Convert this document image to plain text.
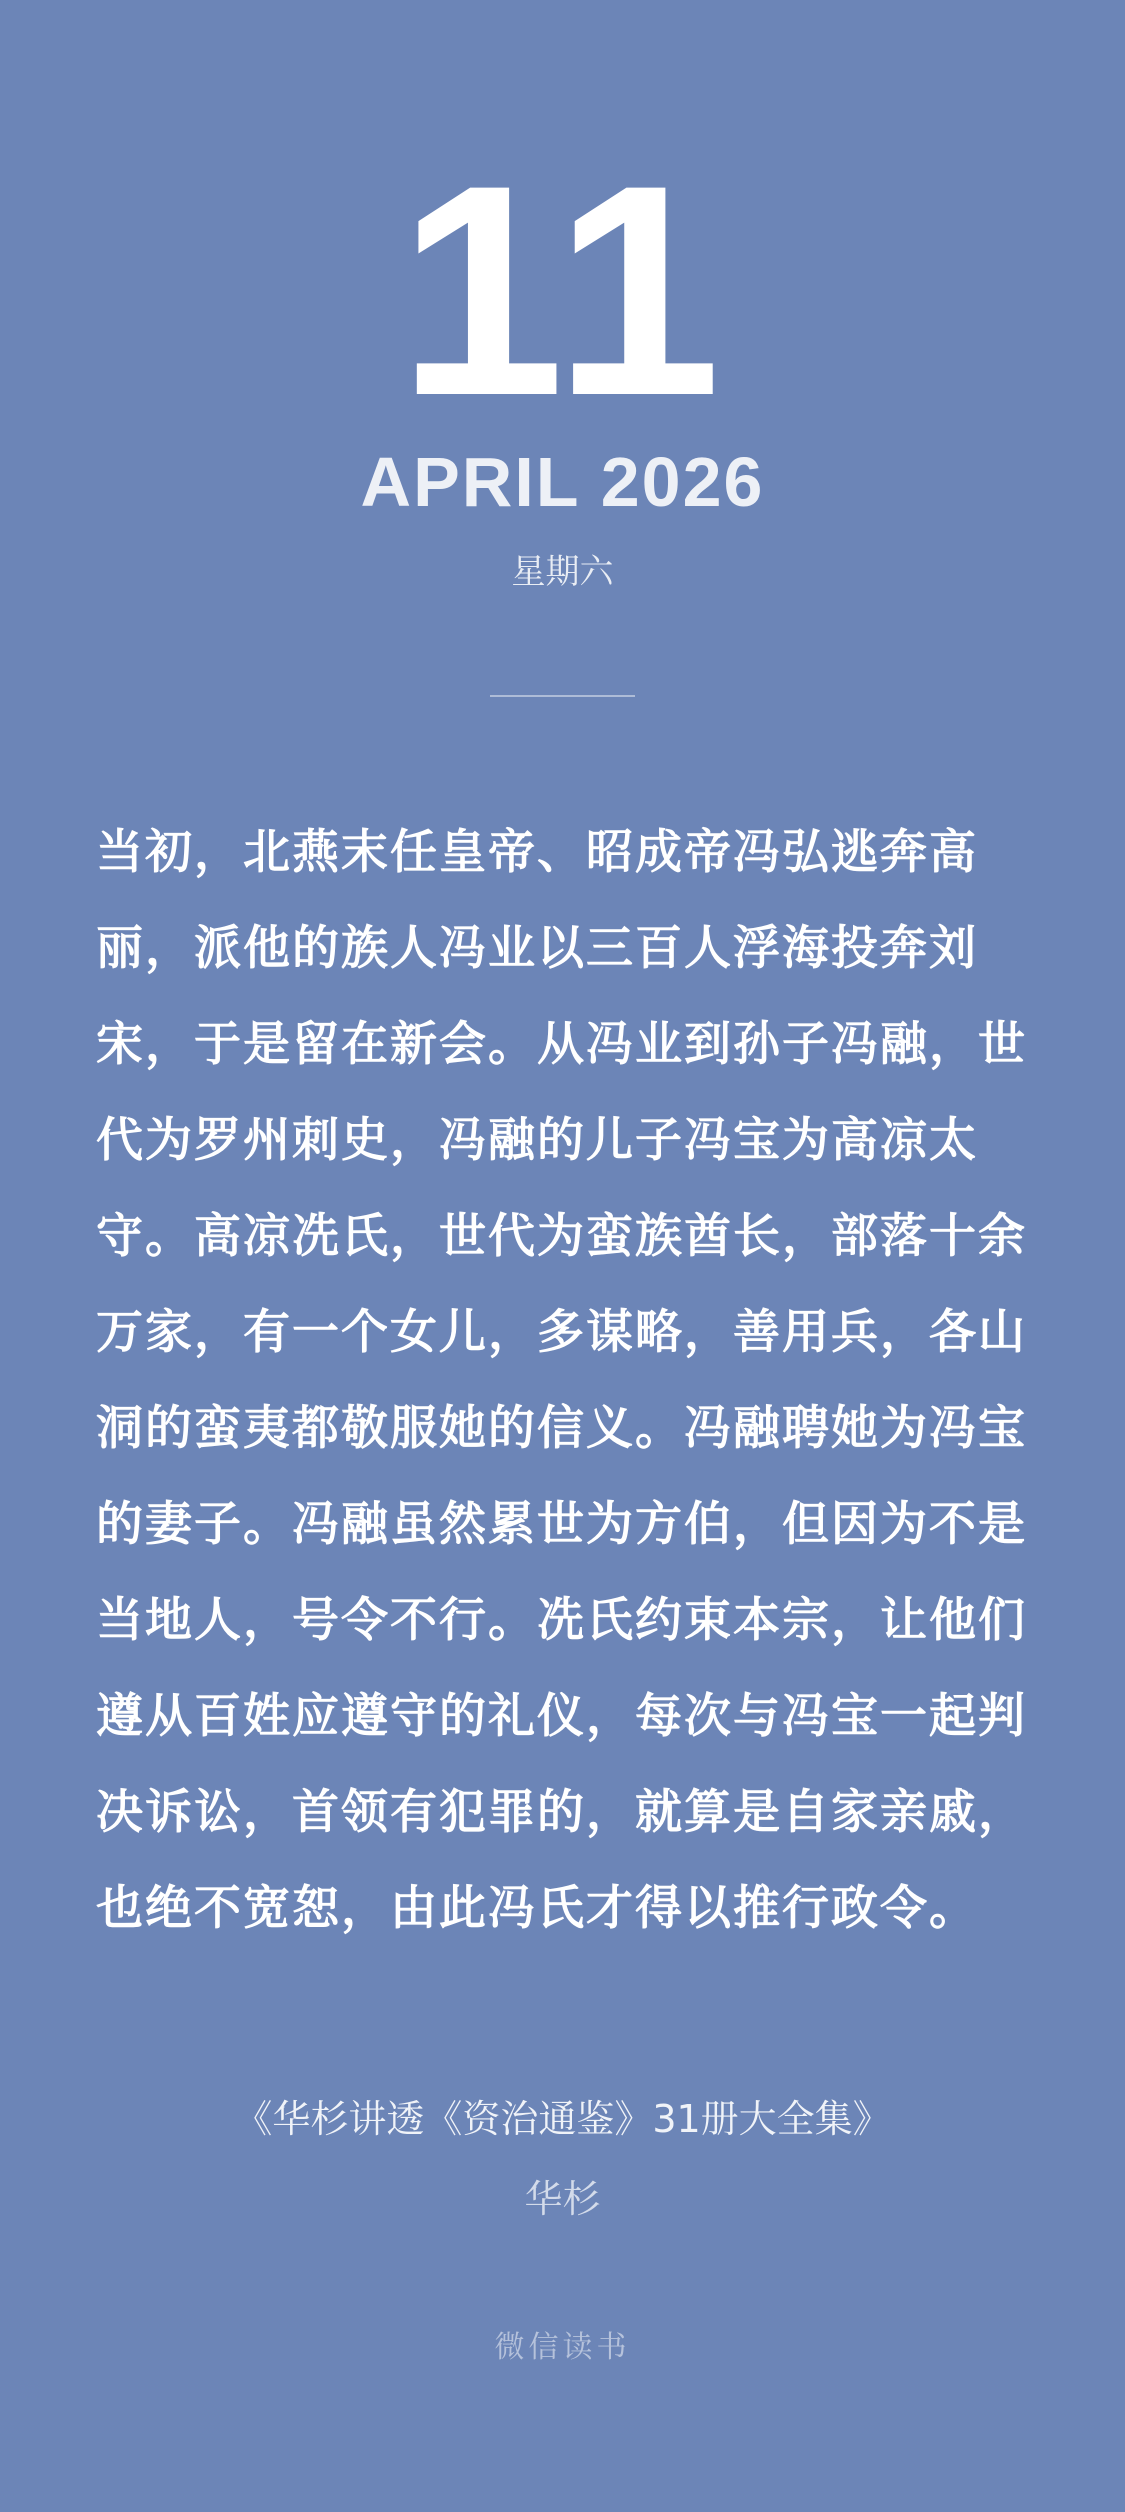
11
APRIL 2026
星期六
当初，北燕末任皇帝、昭成帝冯弘逃奔高丽，派他的族人冯业以三百人浮海投奔刘宋，于是留在新会。从冯业到孙子冯融，世代为罗州刺史，冯融的儿子冯宝为高凉太守。高凉冼氏，世代为蛮族酋长，部落十余万家，有一个女儿，多谋略，善用兵，各山洞的蛮夷都敬服她的信义。冯融聘她为冯宝的妻子。冯融虽然累世为方伯，但因为不是当地人，号令不行。冼氏约束本宗，让他们遵从百姓应遵守的礼仪，每次与冯宝一起判决诉讼，首领有犯罪的，就算是自家亲戚，也绝不宽恕，由此冯氏才得以推行政令。
《华杉讲透《资治通鉴》31册大全集》
华杉
微信读书
